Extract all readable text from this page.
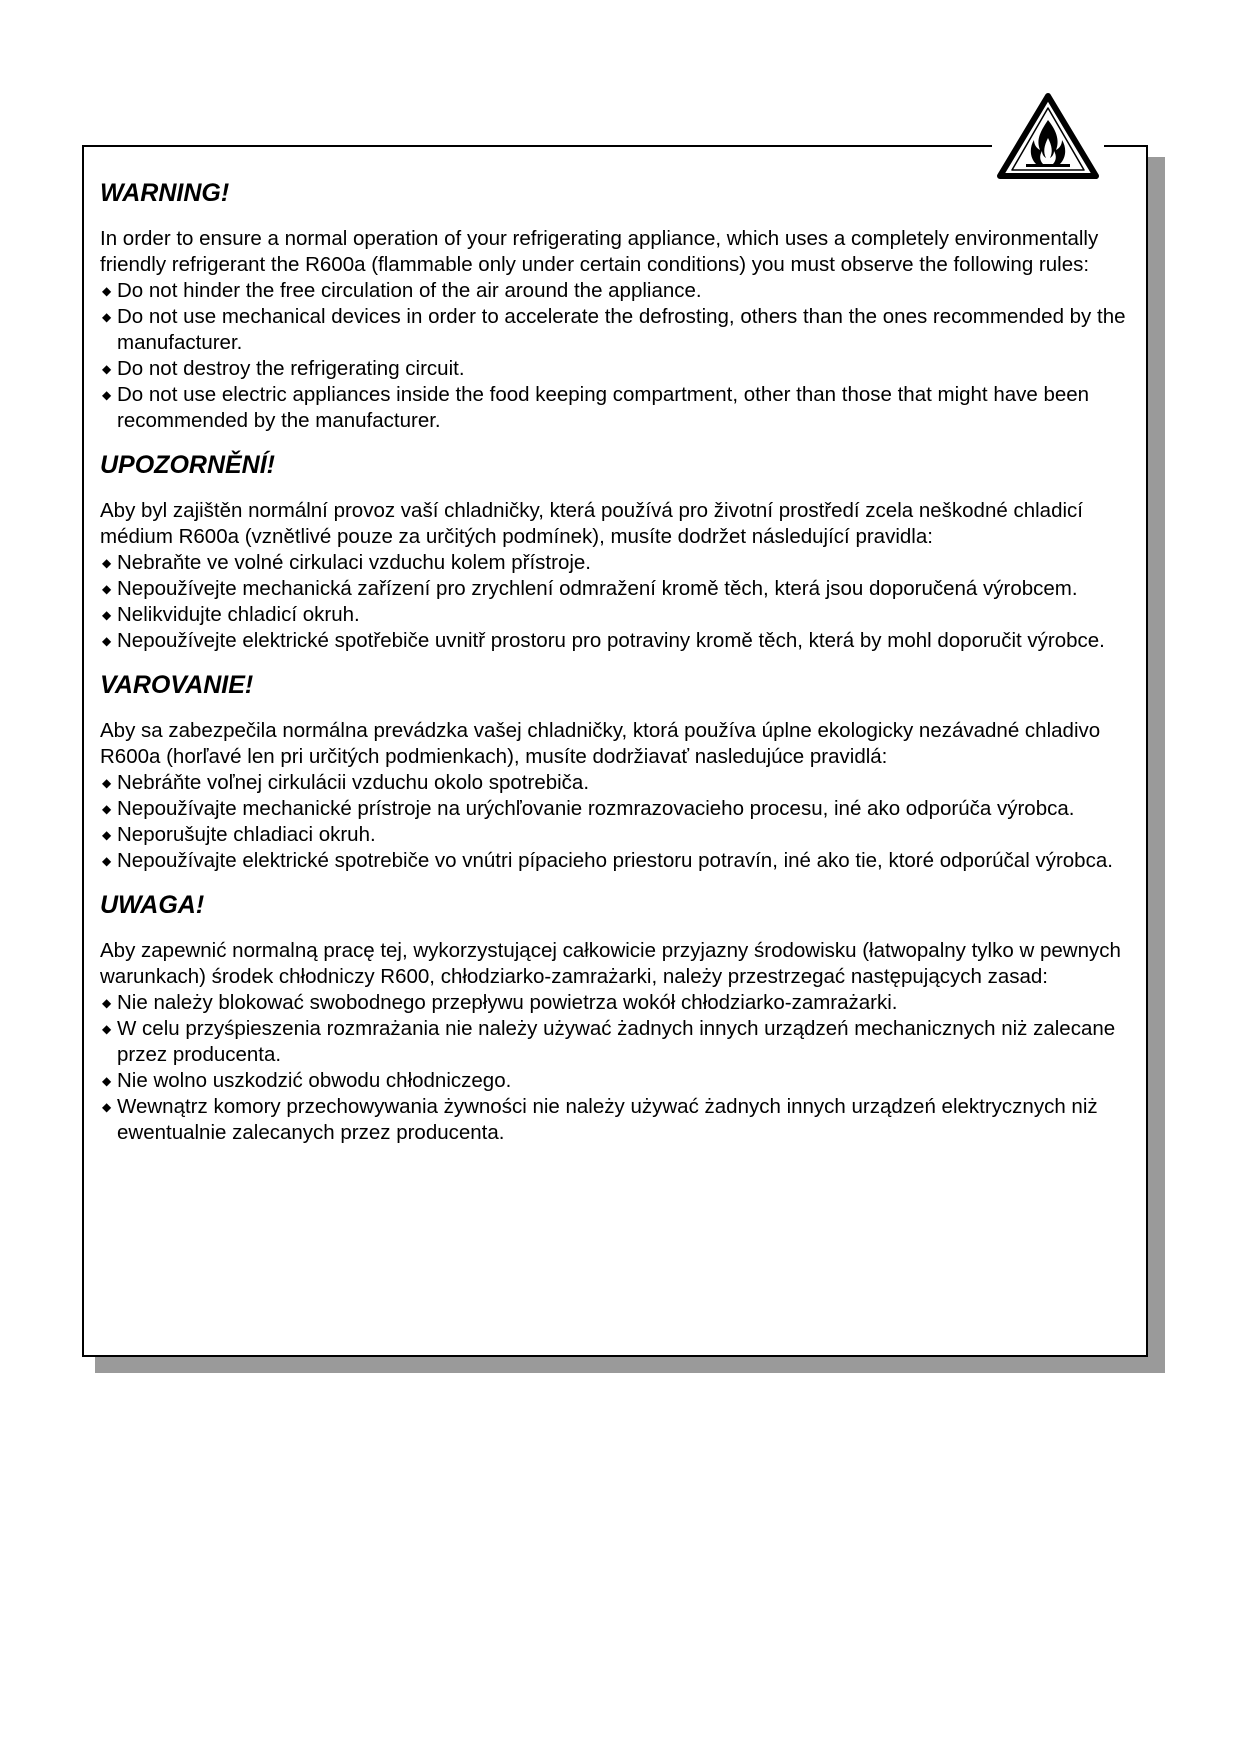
WARNING!

In order to ensure a normal operation of your refrigerating appliance, which uses a completely environmentally friendly refrigerant the R600a (flammable only under certain conditions) you must observe the following rules:

◆ Do not hinder the free circulation of the air around the appliance.
◆ Do not use mechanical devices in order to accelerate the defrosting, others than the ones recommended by the manufacturer.
◆ Do not destroy the refrigerating circuit.
◆ Do not use electric appliances inside the food keeping compartment, other than those that might have been recommended by the manufacturer.
UPOZORNĚNÍ!

Aby byl zajištěn normální provoz vaší chladničky, která používá pro životní prostředí zcela neškodné chladicí médium R600a (vznětlivé pouze za určitých podmínek), musíte dodržet následující pravidla:

◆ Nebraňte ve volné cirkulaci vzduchu kolem přístroje.
◆ Nepoužívejte mechanická zařízení pro zrychlení odmražení kromě těch, která jsou doporučená výrobcem.
◆ Nelikvidujte chladicí okruh.
◆ Nepoužívejte elektrické spotřebiče uvnitř prostoru pro potraviny kromě těch, která by mohl doporučit výrobce.
VAROVANIE!

Aby sa zabezpečila normálna prevádzka vašej chladničky, ktorá používa úplne ekologicky nezávadné chladivo R600a (horľavé len pri určitých podmienkach), musíte dodržiavať nasledujúce pravidlá:

◆ Nebráňte voľnej cirkulácii vzduchu okolo spotrebiča.
◆ Nepoužívajte mechanické prístroje na urýchľovanie rozmrazovacieho procesu, iné ako odporúča výrobca.
◆ Neporušujte chladiaci okruh.
◆ Nepoužívajte elektrické spotrebiče vo vnútri pípacieho priestoru potravín, iné ako tie, ktoré odporúčal výrobca.
UWAGA!

Aby zapewnić normalną pracę tej, wykorzystującej całkowicie przyjazny środowisku (łatwopalny tylko w pewnych warunkach) środek chłodniczy R600, chłodziarko-zamrażarki, należy przestrzegać następujących zasad:

◆ Nie należy blokować swobodnego przepływu powietrza wokół chłodziarko-zamrażarki.
◆ W celu przyśpieszenia rozmrażania nie należy używać żadnych innych urządzeń mechanicznych niż zalecane przez producenta.
◆ Nie wolno uszkodzić obwodu chłodniczego.
◆ Wewnątrz komory przechowywania żywności nie należy używać żadnych innych urządzeń elektrycznych niż ewentualnie zalecanych przez producenta.
